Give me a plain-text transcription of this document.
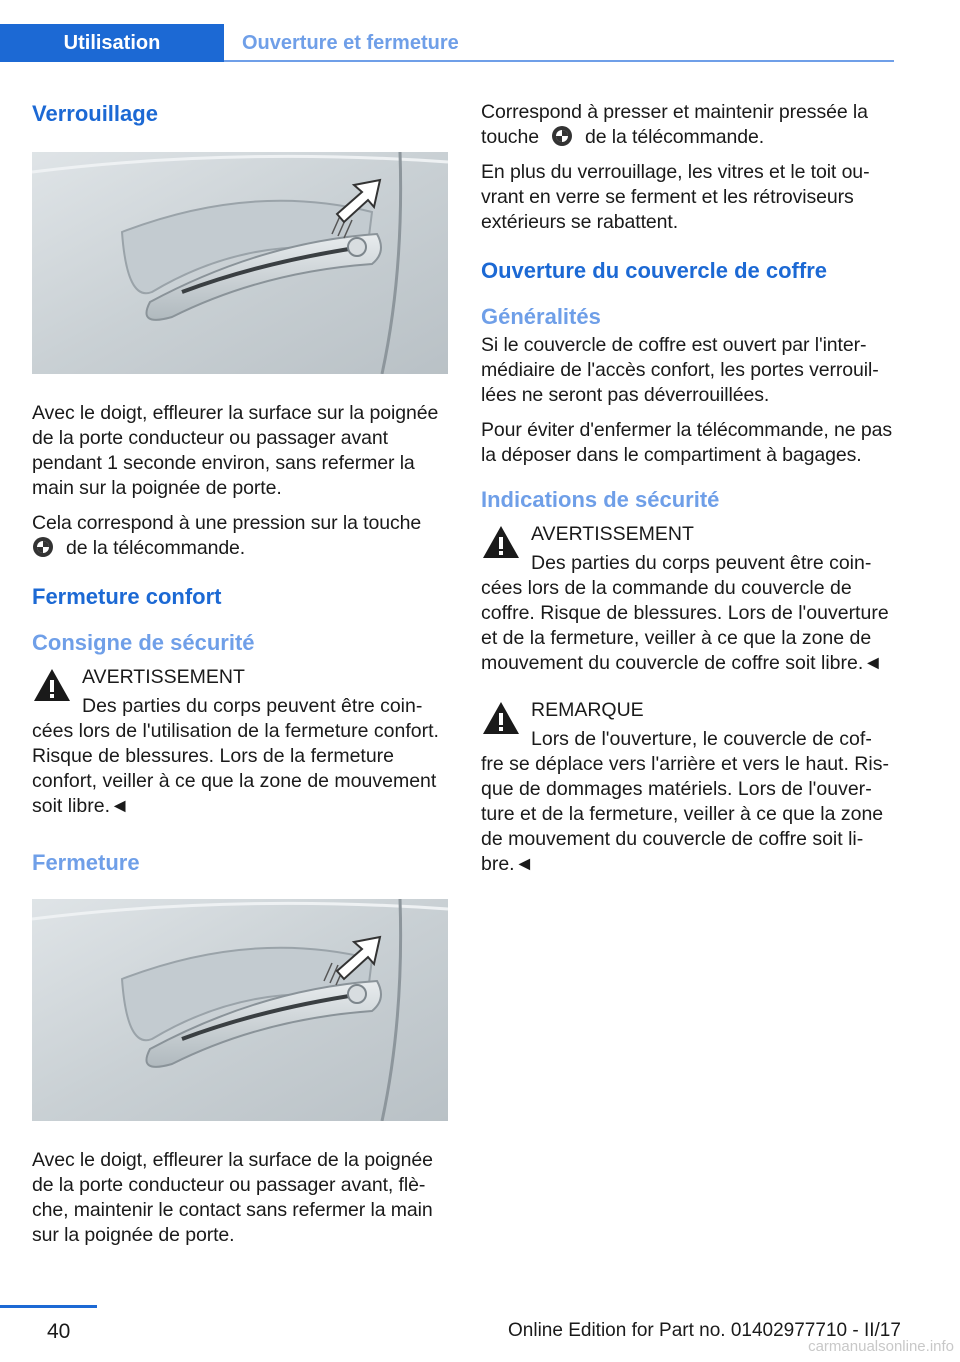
Utilisation	Ouverture et fermeture
Verrouillage

Avec le doigt, effleurer la surface sur la poignée de la porte conducteur ou passager avant pendant 1 seconde environ, sans refermer la main sur la poignée de porte.

Cela correspond à une pression sur la touche
de la télécommande.

Fermeture confort
Consigne de sécurité
AVERTISSEMENT
Des parties du corps peuvent être coin-
cées lors de l'utilisation de la fermeture confort. Risque de blessures. Lors de la fermeture confort, veiller à ce que la zone de mouvement soit libre.◄
Fermeture

Avec le doigt, effleurer la surface de la poignée de la porte conducteur ou passager avant, flèche, maintenir le contact sans refermer la main sur la poignée de porte.

Correspond à presser et maintenir pressée la touche de la télécommande.

En plus du verrouillage, les vitres et le toit ouvrant en verre se ferment et les rétroviseurs extérieurs se rabattent.

Ouverture du couvercle de coffre
Généralités

Si le couvercle de coffre est ouvert par l'intermédiaire de l'accès confort, les portes verrouillées ne seront pas déverrouillées.

Pour éviter d'enfermer la télécommande, ne pas la déposer dans le compartiment à bagages.

Indications de sécurité
AVERTISSEMENT
Des parties du corps peuvent être coin-
cées lors de la commande du couvercle de coffre. Risque de blessures. Lors de l'ouverture et de la fermeture, veiller à ce que la zone de mouvement du couvercle de coffre soit libre.◄
REMARQUE
Lors de l'ouverture, le couvercle de cof-
fre se déplace vers l'arrière et vers le haut. Risque de dommages matériels. Lors de l'ouverture et de la fermeture, veiller à ce que la zone de mouvement du couvercle de coffre soit libre.◄
40	Online Edition for Part no. 01402977710 - II/17
carmanualsonline.info
